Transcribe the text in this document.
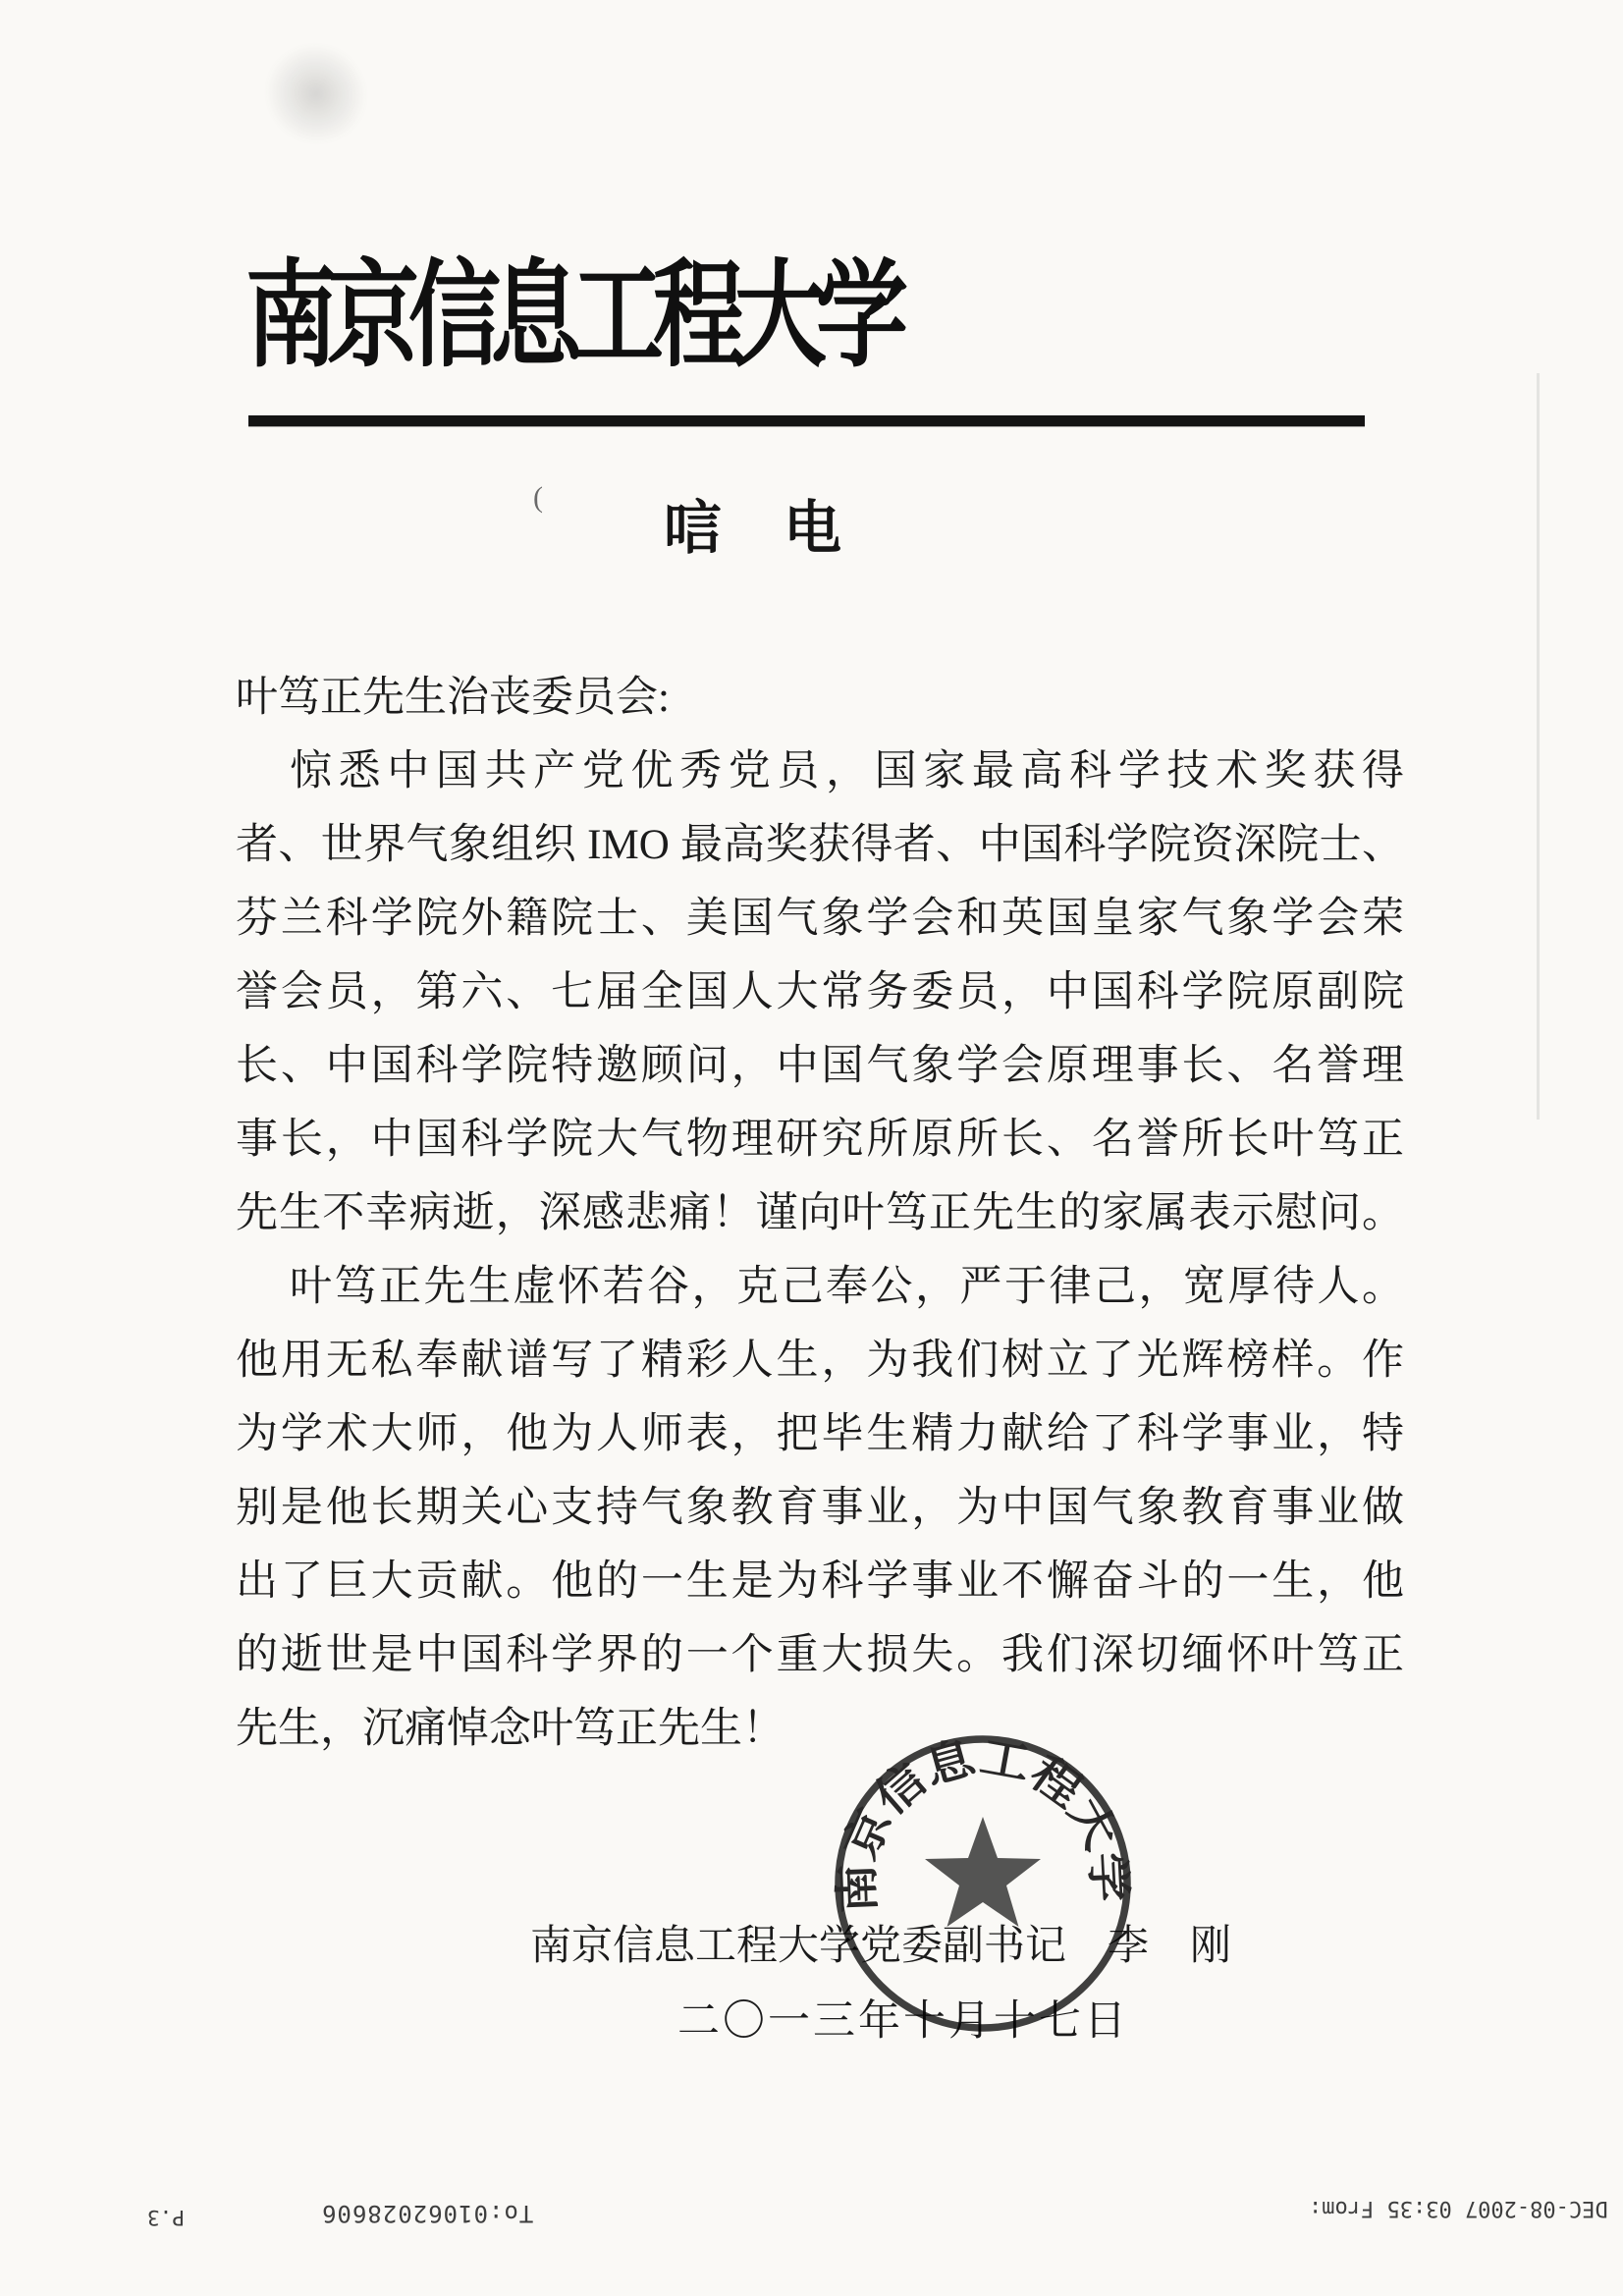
南京信息工程大学
( 唁　电
叶笃正先生治丧委员会:
惊悉中国共产党优秀党员，国家最高科学技术奖获得
者、世界气象组织 IMO 最高奖获得者、中国科学院资深院士、
芬兰科学院外籍院士、美国气象学会和英国皇家气象学会荣
誉会员，第六、七届全国人大常务委员，中国科学院原副院
长、中国科学院特邀顾问，中国气象学会原理事长、名誉理
事长，中国科学院大气物理研究所原所长、名誉所长叶笃正
先生不幸病逝，深感悲痛！谨向叶笃正先生的家属表示慰问。
叶笃正先生虚怀若谷，克己奉公，严于律己，宽厚待人。
他用无私奉献谱写了精彩人生，为我们树立了光辉榜样。作
为学术大师，他为人师表，把毕生精力献给了科学事业，特
别是他长期关心支持气象教育事业，为中国气象教育事业做
出了巨大贡献。他的一生是为科学事业不懈奋斗的一生，他
的逝世是中国科学界的一个重大损失。我们深切缅怀叶笃正
先生，沉痛悼念叶笃正先生！
南京信息工程大学党委副书记　李　刚
二〇一三年十月十七日
南京信息工程大学
P.3	To:01062028606	DEC-08-2007 03:35 From:
